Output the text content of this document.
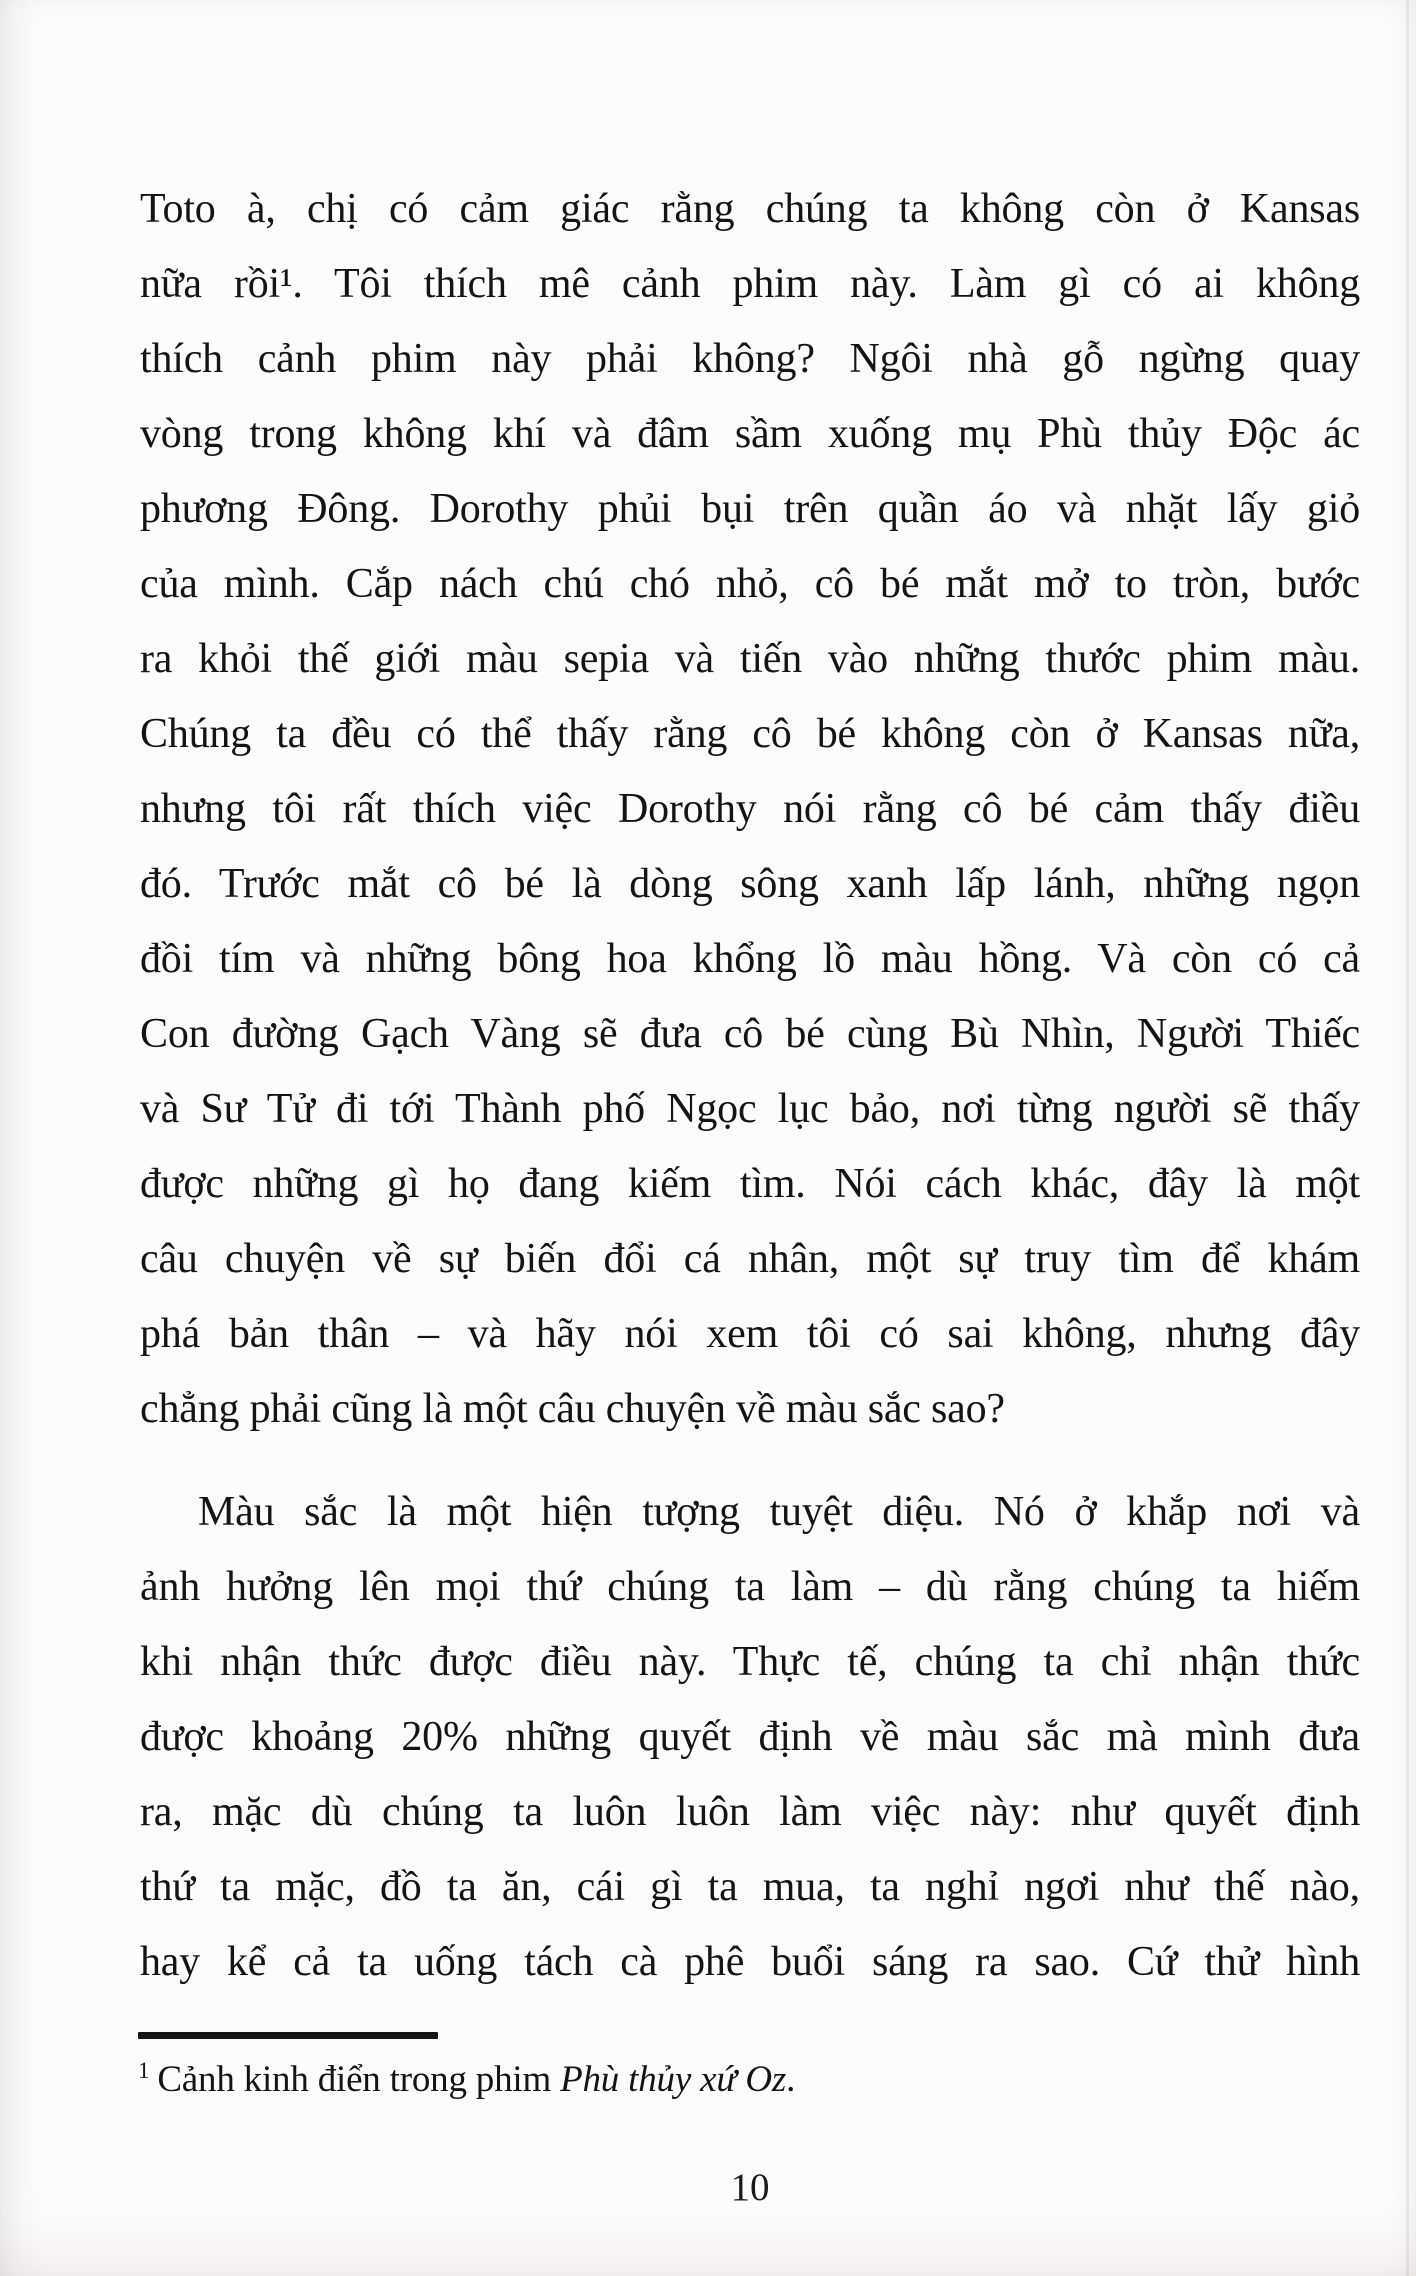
Toto à, chị có cảm giác rằng chúng ta không còn ở Kansas
nữa rồi¹. Tôi thích mê cảnh phim này. Làm gì có ai không
thích cảnh phim này phải không? Ngôi nhà gỗ ngừng quay
vòng trong không khí và đâm sầm xuống mụ Phù thủy Độc ác
phương Đông. Dorothy phủi bụi trên quần áo và nhặt lấy giỏ
của mình. Cắp nách chú chó nhỏ, cô bé mắt mở to tròn, bước
ra khỏi thế giới màu sepia và tiến vào những thước phim màu.
Chúng ta đều có thể thấy rằng cô bé không còn ở Kansas nữa,
nhưng tôi rất thích việc Dorothy nói rằng cô bé cảm thấy điều
đó. Trước mắt cô bé là dòng sông xanh lấp lánh, những ngọn
đồi tím và những bông hoa khổng lồ màu hồng. Và còn có cả
Con đường Gạch Vàng sẽ đưa cô bé cùng Bù Nhìn, Người Thiếc
và Sư Tử đi tới Thành phố Ngọc lục bảo, nơi từng người sẽ thấy
được những gì họ đang kiếm tìm. Nói cách khác, đây là một
câu chuyện về sự biến đổi cá nhân, một sự truy tìm để khám
phá bản thân – và hãy nói xem tôi có sai không, nhưng đây
chẳng phải cũng là một câu chuyện về màu sắc sao?
Màu sắc là một hiện tượng tuyệt diệu. Nó ở khắp nơi và
ảnh hưởng lên mọi thứ chúng ta làm – dù rằng chúng ta hiếm
khi nhận thức được điều này. Thực tế, chúng ta chỉ nhận thức
được khoảng 20% những quyết định về màu sắc mà mình đưa
ra, mặc dù chúng ta luôn luôn làm việc này: như quyết định
thứ ta mặc, đồ ta ăn, cái gì ta mua, ta nghỉ ngơi như thế nào,
hay kể cả ta uống tách cà phê buổi sáng ra sao. Cứ thử hình
$^1$ Cảnh kinh điển trong phim Phù thủy xứ Oz.
10
